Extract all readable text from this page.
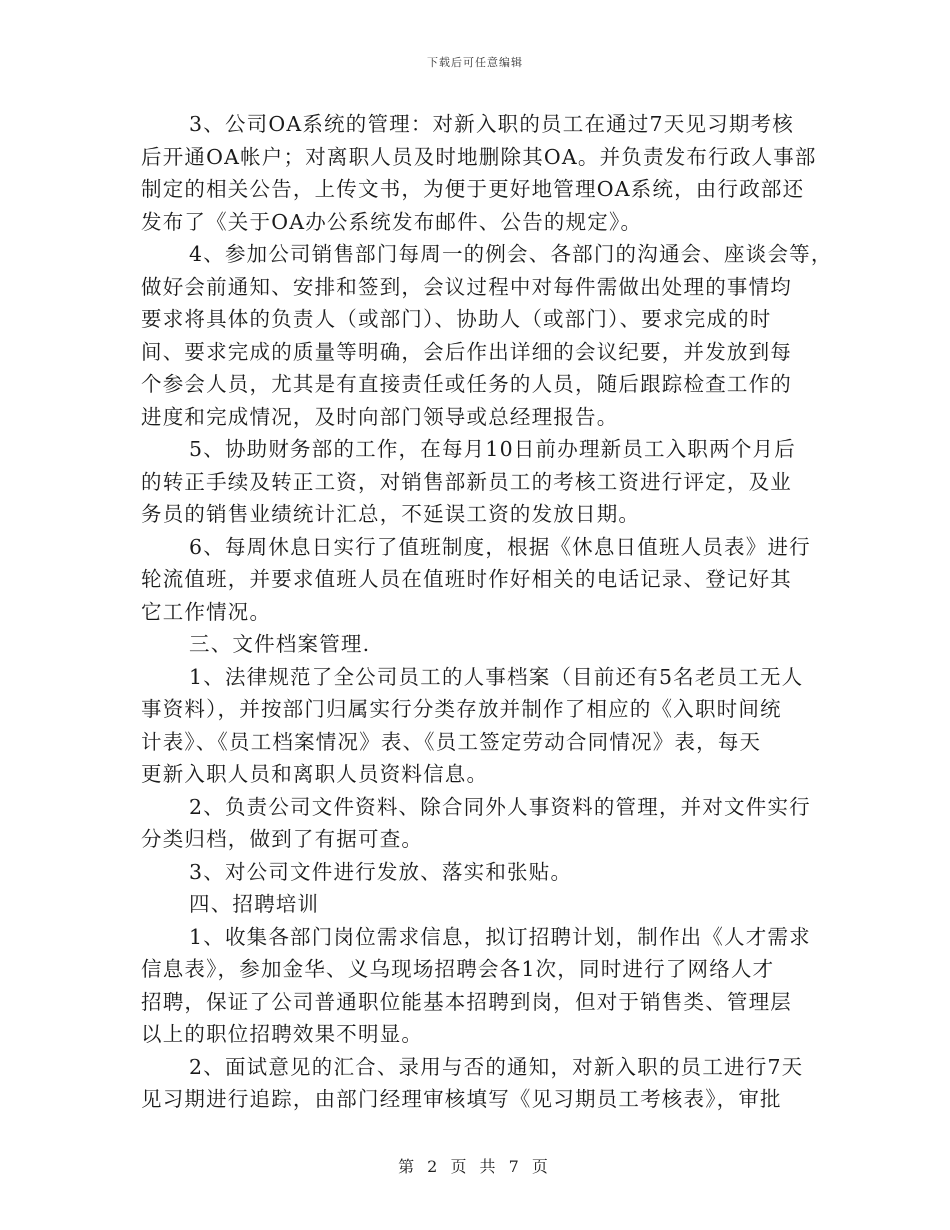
下载后可任意编辑
3、公司OA系统的管理：对新入职的员工在通过7天见习期考核
后开通OA帐户；对离职人员及时地删除其OA。并负责发布行政人事部
制定的相关公告，上传文书，为便于更好地管理OA系统，由行政部还
发布了《关于OA办公系统发布邮件、公告的规定》。
4、参加公司销售部门每周一的例会、各部门的沟通会、座谈会等，
做好会前通知、安排和签到，会议过程中对每件需做出处理的事情均
要求将具体的负责人（或部门）、协助人（或部门）、要求完成的时
间、要求完成的质量等明确，会后作出详细的会议纪要，并发放到每
个参会人员，尤其是有直接责任或任务的人员，随后跟踪检查工作的
进度和完成情况，及时向部门领导或总经理报告。
5、协助财务部的工作，在每月10日前办理新员工入职两个月后
的转正手续及转正工资，对销售部新员工的考核工资进行评定，及业
务员的销售业绩统计汇总，不延误工资的发放日期。
6、每周休息日实行了值班制度，根据《休息日值班人员表》进行
轮流值班，并要求值班人员在值班时作好相关的电话记录、登记好其
它工作情况。
三、文件档案管理.
1、法律规范了全公司员工的人事档案（目前还有5名老员工无人
事资料），并按部门归属实行分类存放并制作了相应的《入职时间统
计表》、《员工档案情况》表、《员工签定劳动合同情况》表，每天
更新入职人员和离职人员资料信息。
2、负责公司文件资料、除合同外人事资料的管理，并对文件实行
分类归档，做到了有据可查。
3、对公司文件进行发放、落实和张贴。
四、招聘培训
1、收集各部门岗位需求信息，拟订招聘计划，制作出《人才需求
信息表》，参加金华、义乌现场招聘会各1次，同时进行了网络人才
招聘，保证了公司普通职位能基本招聘到岗，但对于销售类、管理层
以上的职位招聘效果不明显。
2、面试意见的汇合、录用与否的通知，对新入职的员工进行7天
见习期进行追踪，由部门经理审核填写《见习期员工考核表》，审批
第 2 页 共 7 页
